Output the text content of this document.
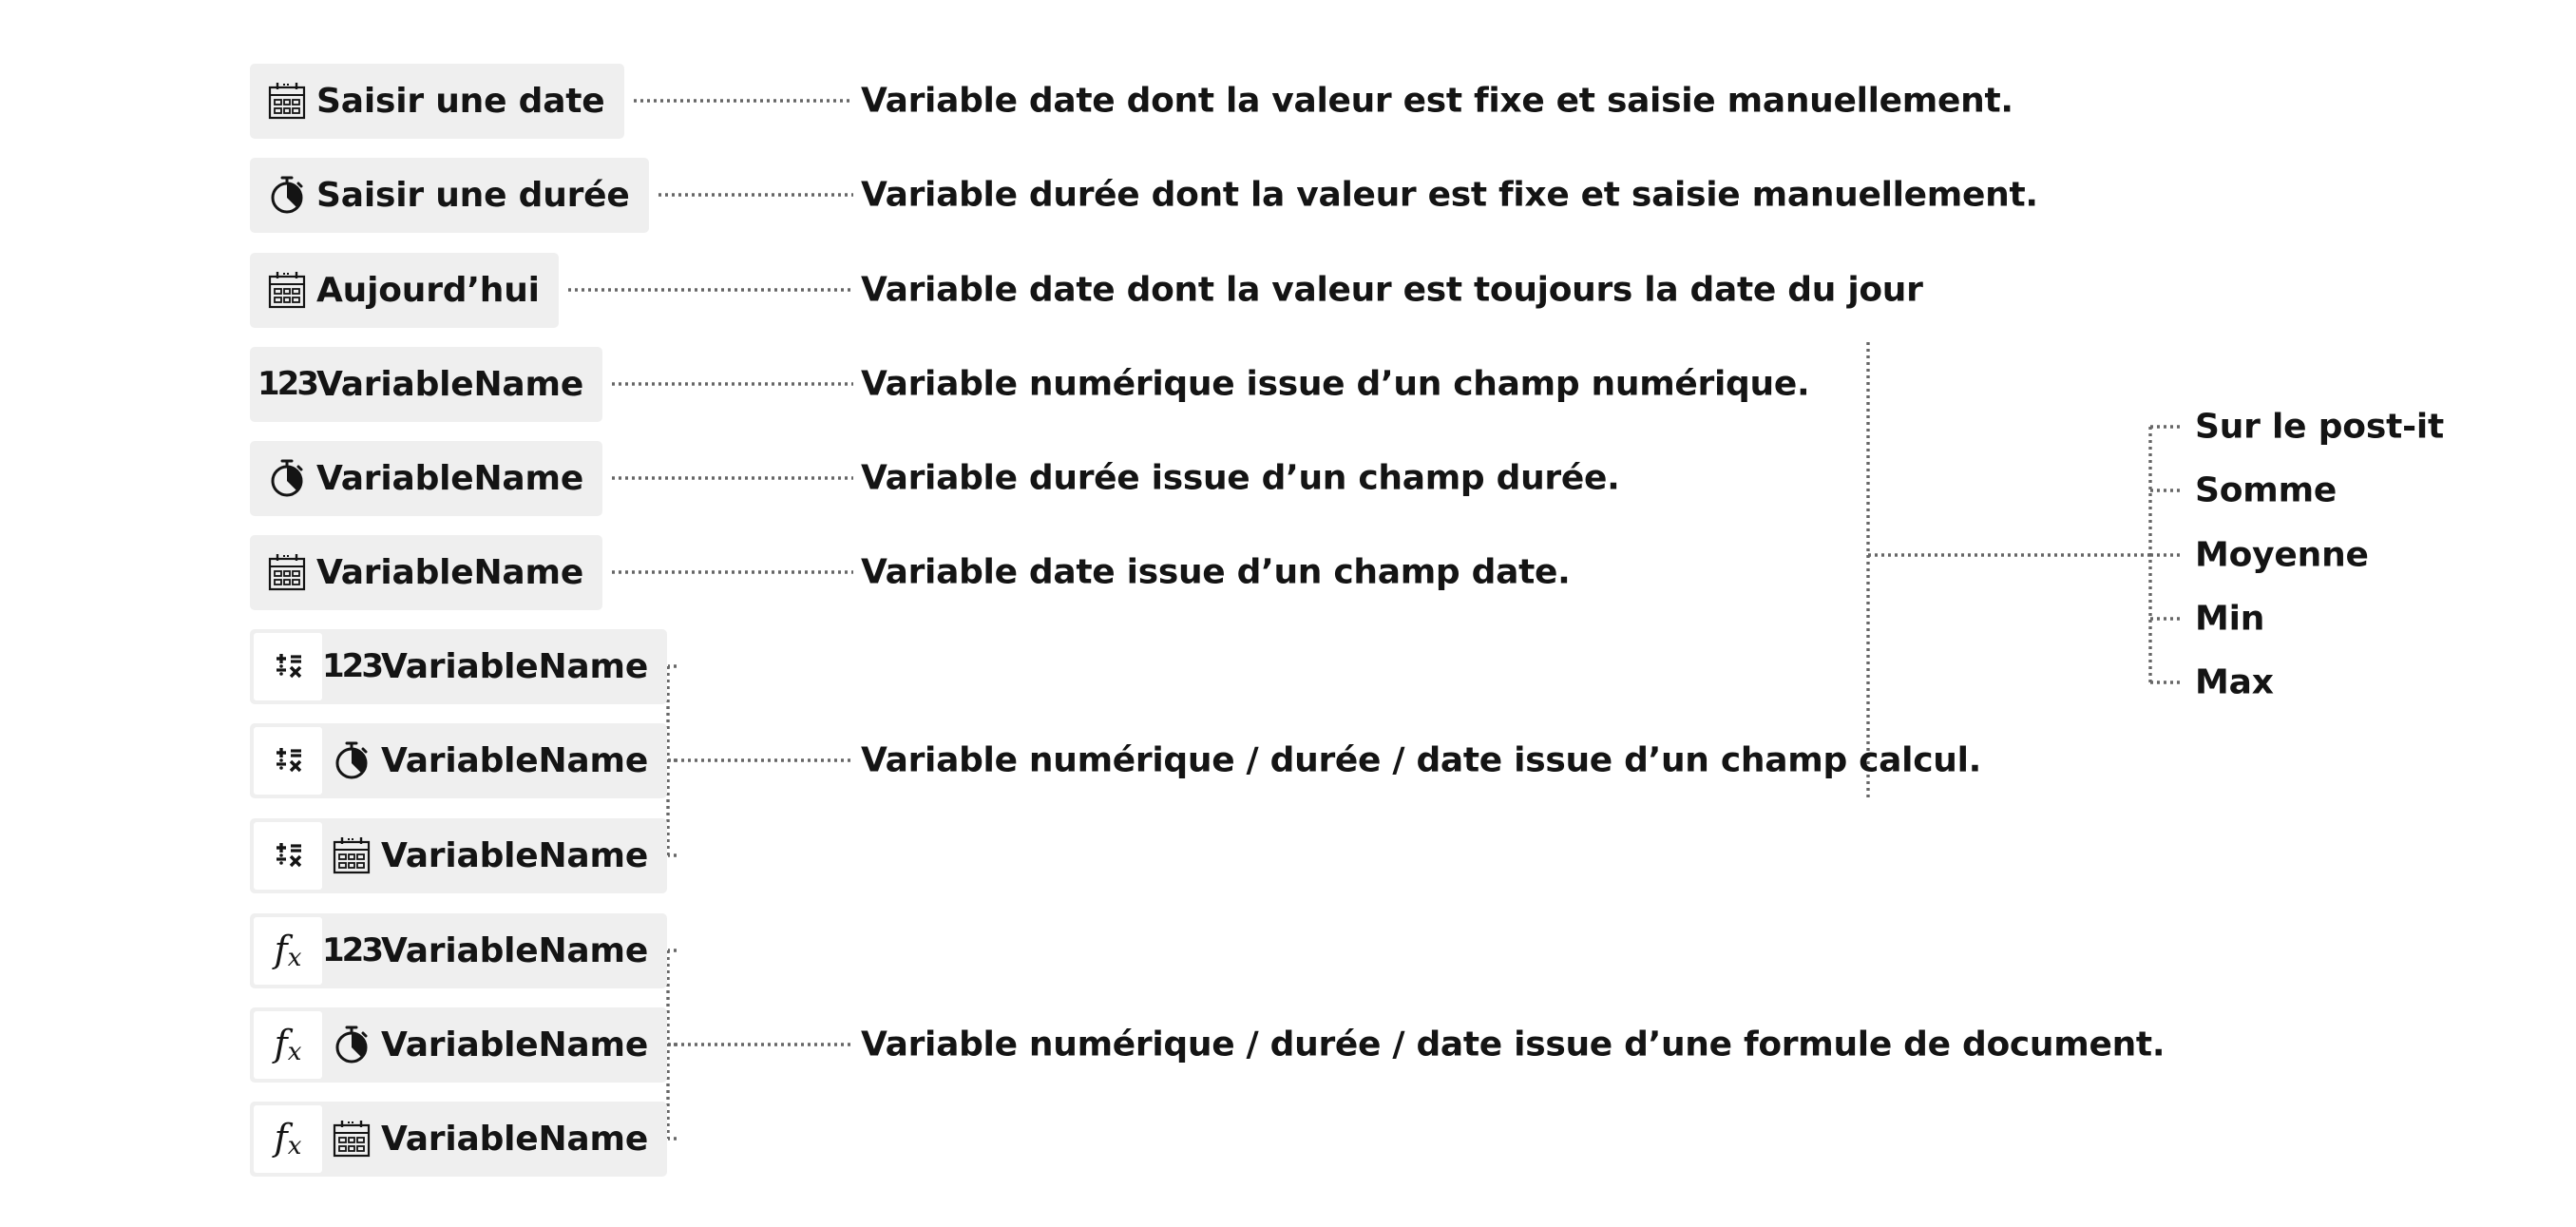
Saisir une date
Saisir une durée
Aujourd’hui
123 VariableName
VariableName
VariableName
123 VariableName
VariableName
VariableName
$f_x$ 123 VariableName
$f_x$ VariableName
$f_x$ VariableName
Variable date dont la valeur est fixe et saisie manuellement.
Variable durée dont la valeur est fixe et saisie manuellement.
Variable date dont la valeur est toujours la date du jour
Variable numérique issue d’un champ numérique.
Variable durée issue d’un champ durée.
Variable date issue d’un champ date.
Variable numérique / durée / date issue d’un champ calcul.
Variable numérique / durée / date issue d’une formule de document.
Sur le post-it
Somme
Moyenne
Min
Max
